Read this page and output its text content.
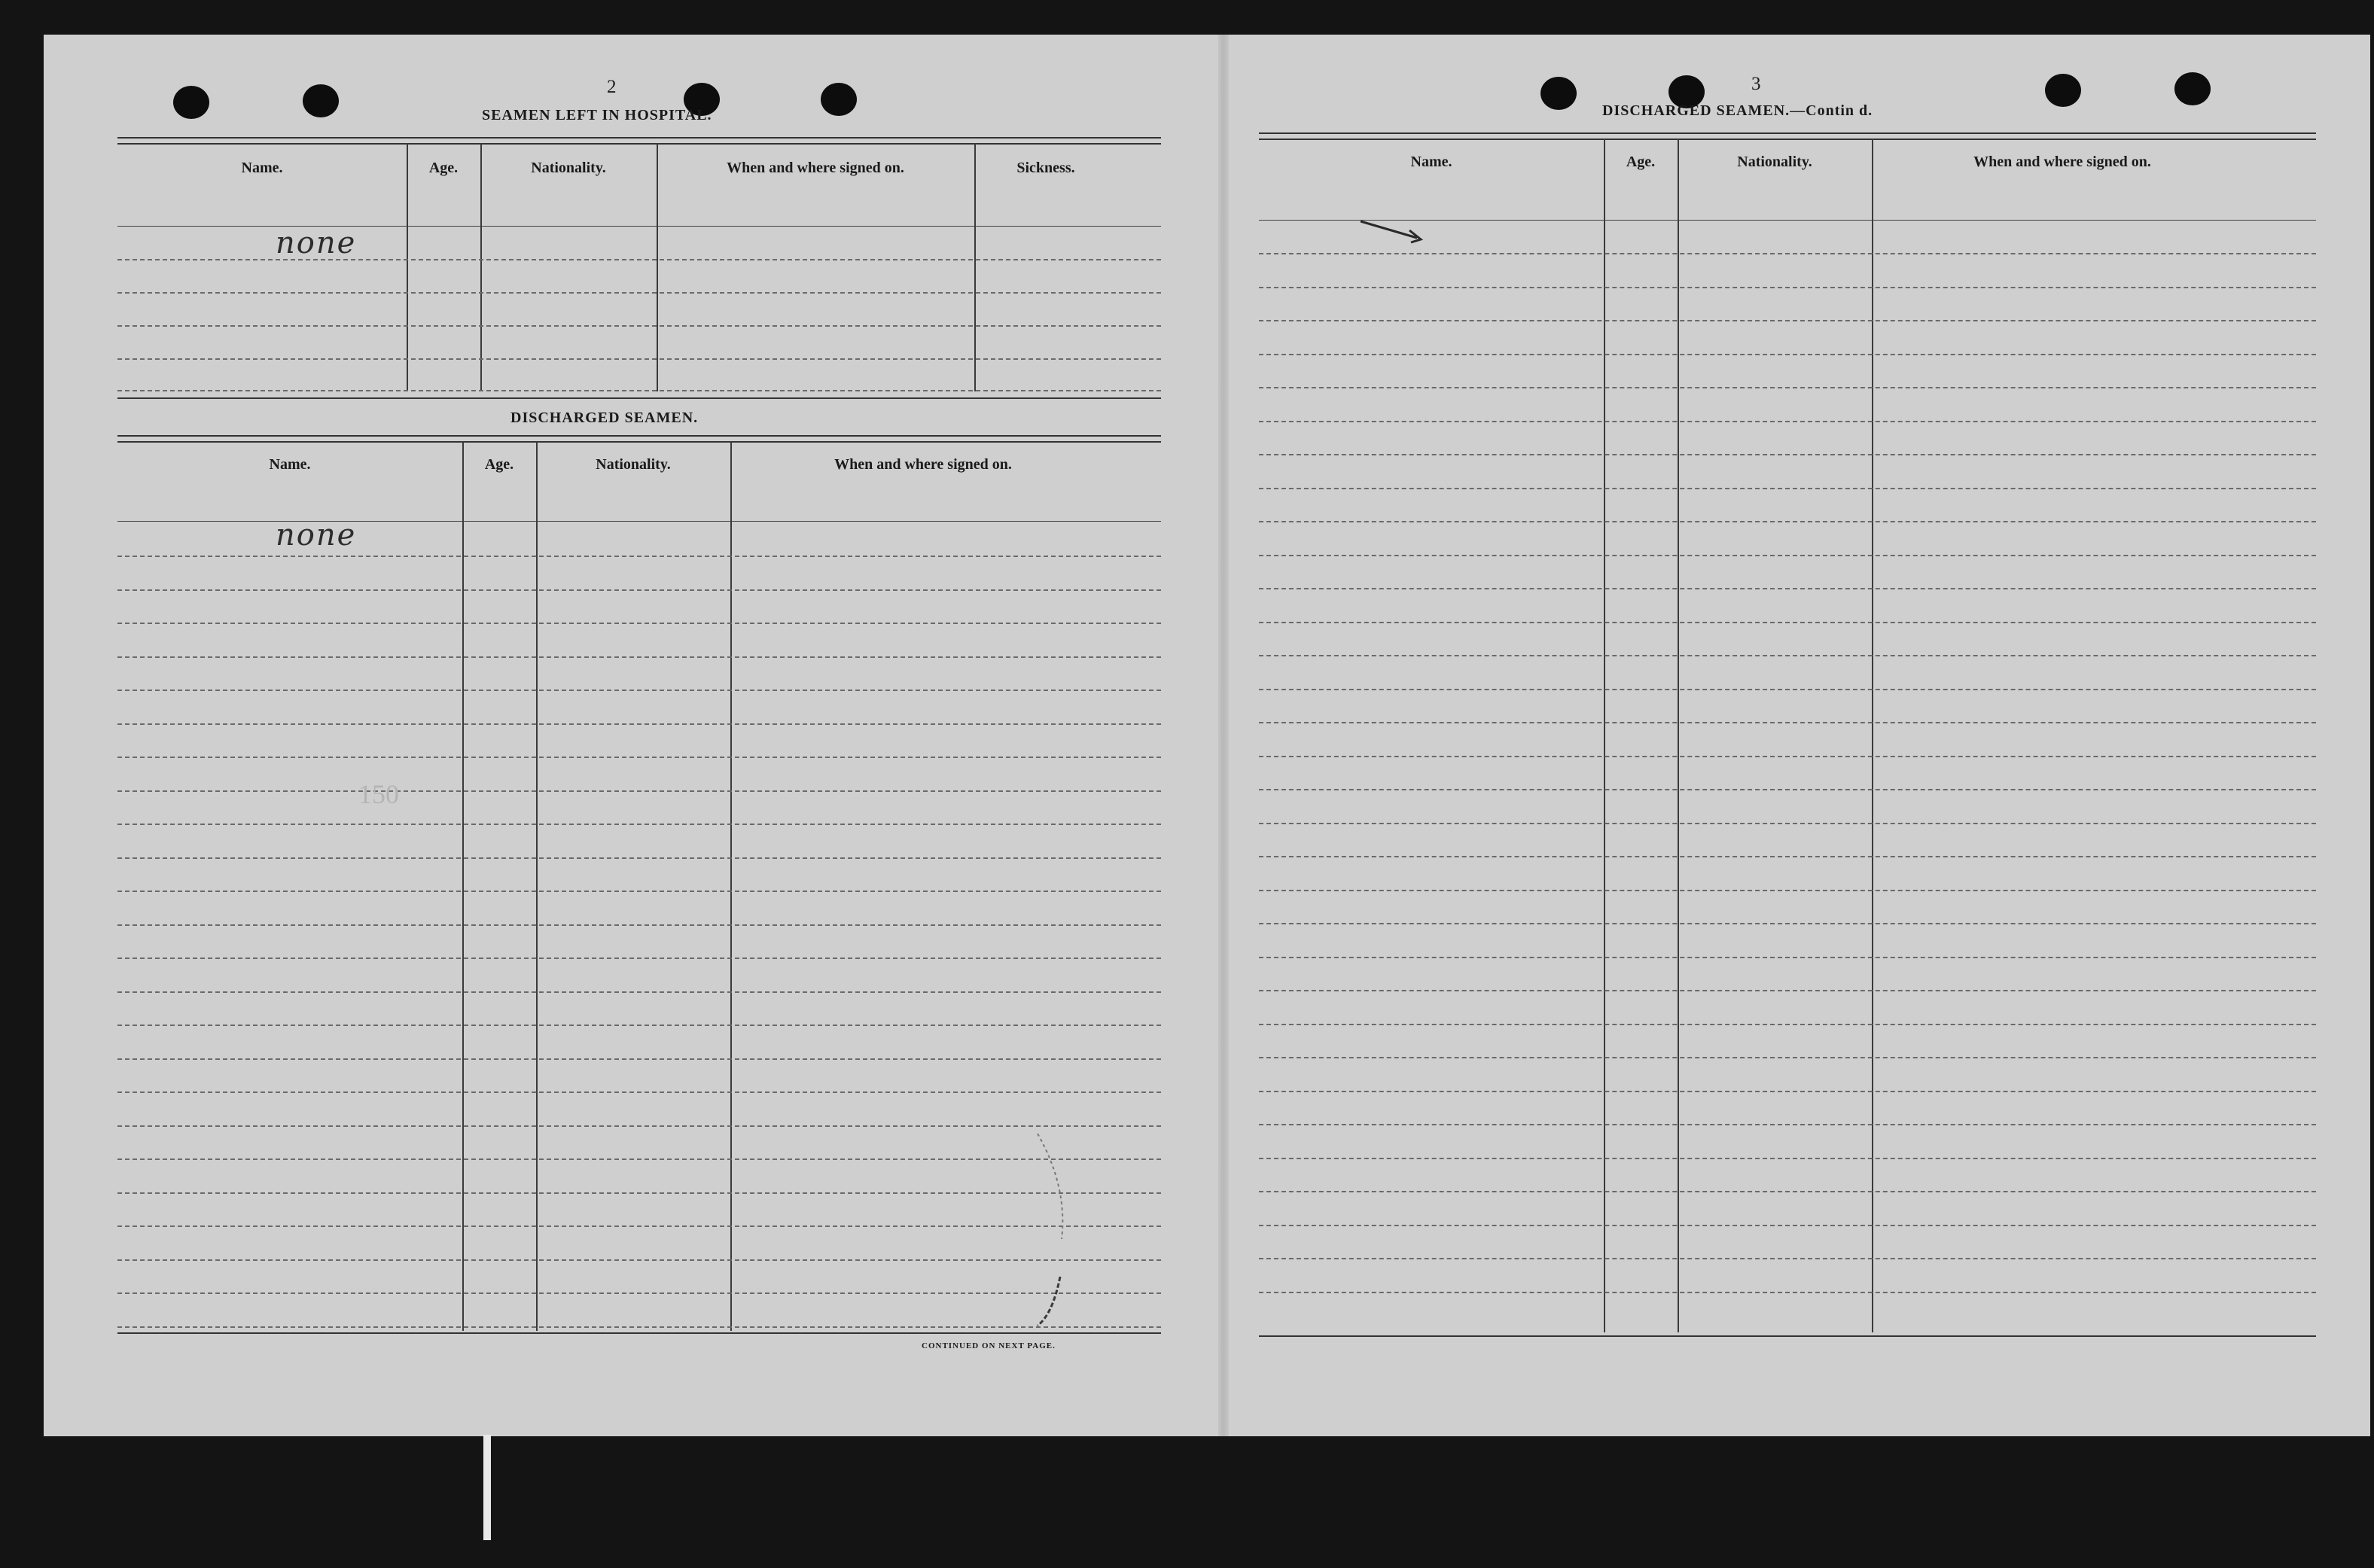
2
SEAMEN LEFT IN HOSPITAL.
Name.	Age.	Nationality.	When and where signed on.	Sickness.
none
DISCHARGED SEAMEN.
Name.	Age.	Nationality.	When and where signed on.
none
150
CONTINUED ON NEXT PAGE.
3
DISCHARGED SEAMEN.—Contin d.
Name.	Age.	Nationality.	When and where signed on.
